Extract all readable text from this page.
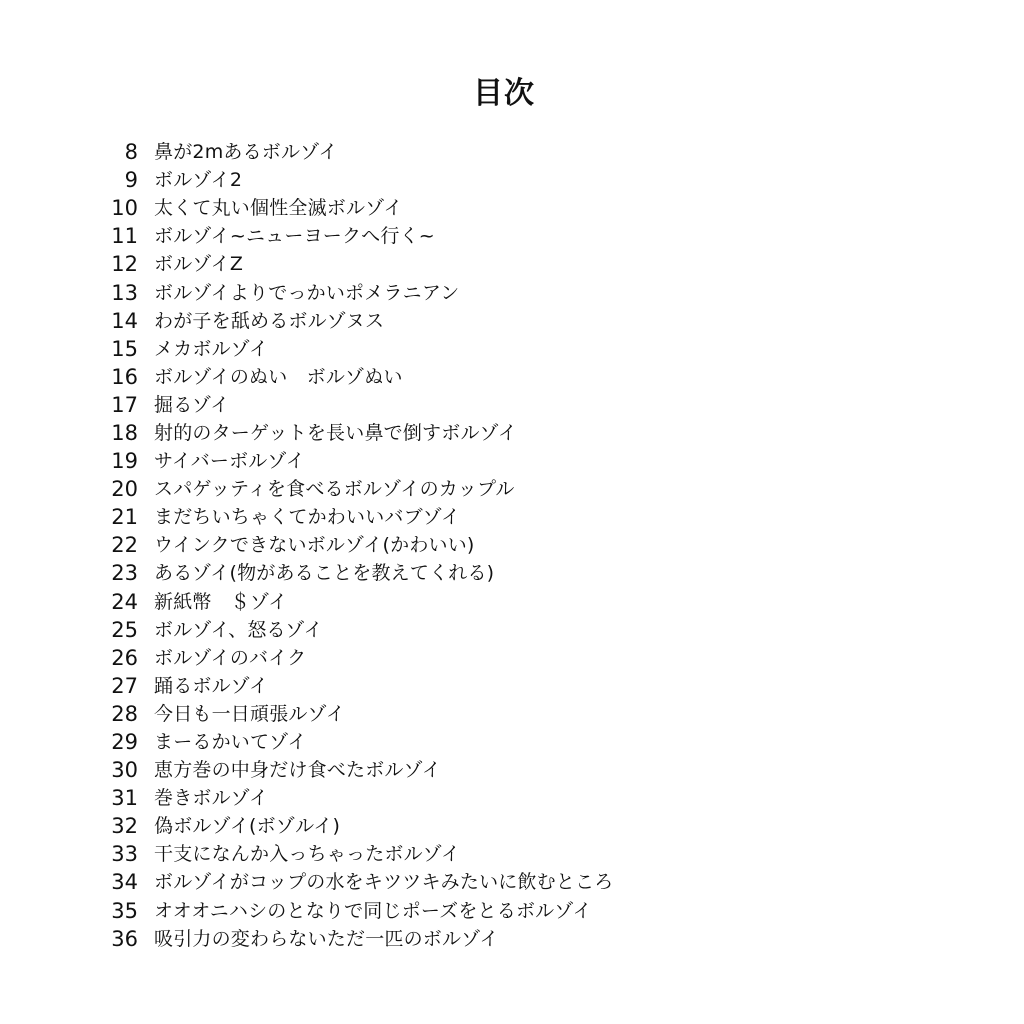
目次
8 鼻が2mあるボルゾイ
9 ボルゾイ2
10 太くて丸い個性全滅ボルゾイ
11 ボルゾイ~ニューヨークへ行く~
12 ボルゾイZ
13 ボルゾイよりでっかいポメラニアン
14 わが子を舐めるボルゾヌス
15 メカボルゾイ
16 ボルゾイのぬい　ボルゾぬい
17 掘るゾイ
18 射的のターゲットを長い鼻で倒すボルゾイ
19 サイバーボルゾイ
20 スパゲッティを食べるボルゾイのカップル
21 まだちいちゃくてかわいいバブゾイ
22 ウインクできないボルゾイ(かわいい)
23 あるゾイ(物があることを教えてくれる)
24 新紙幣　＄ゾイ
25 ボルゾイ、怒るゾイ
26 ボルゾイのバイク
27 踊るボルゾイ
28 今日も一日頑張ルゾイ
29 まーるかいてゾイ
30 恵方巻の中身だけ食べたボルゾイ
31 巻きボルゾイ
32 偽ボルゾイ(ボゾルイ)
33 干支になんか入っちゃったボルゾイ
34 ボルゾイがコップの水をキツツキみたいに飲むところ
35 オオオニハシのとなりで同じポーズをとるボルゾイ
36 吸引力の変わらないただ一匹のボルゾイ
